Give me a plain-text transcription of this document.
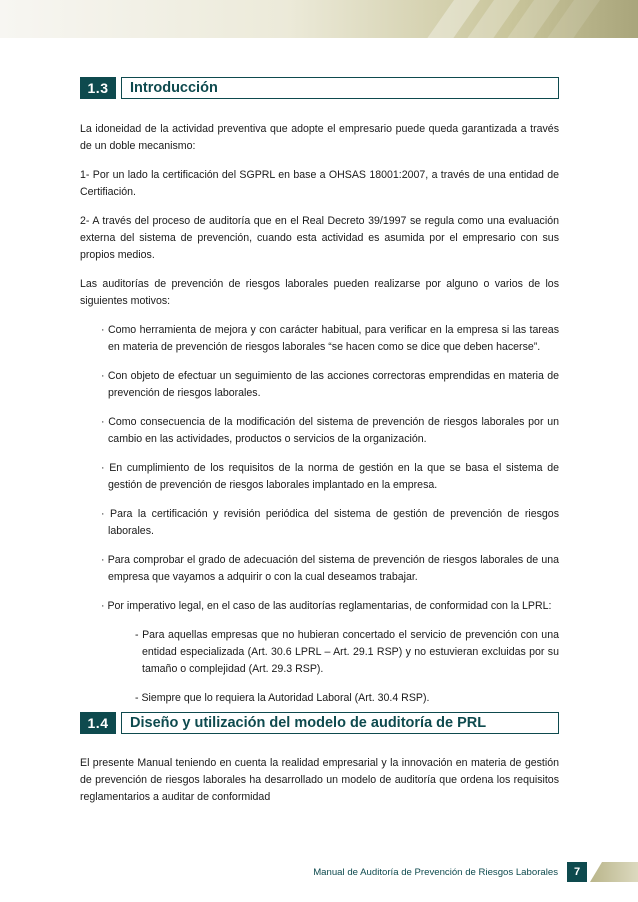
1.3	Introducción

La idoneidad de la actividad preventiva que adopte el empresario puede queda garantizada a través de un doble mecanismo:

1- Por un lado la certificación del SGPRL en base a OHSAS 18001:2007, a través de una entidad de Certifiación.

2- A través del proceso de auditoría que en el Real Decreto 39/1997 se regula como una evaluación externa del sistema de prevención, cuando esta actividad es asumida por el empresario con sus propios medios.

Las auditorías de prevención de riesgos laborales pueden realizarse por alguno o varios de los siguientes motivos:

· Como herramienta de mejora y con carácter habitual, para verificar en la empresa si las tareas en materia de prevención de riesgos laborales “se hacen como se dice que deben hacerse”.

· Con objeto de efectuar un seguimiento de las acciones correctoras emprendidas en materia de prevención de riesgos laborales.

· Como consecuencia de la modificación del sistema de prevención de riesgos laborales por un cambio en las actividades, productos o servicios de la organización.

· En cumplimiento de los requisitos de la norma de gestión en la que se basa el sistema de gestión de prevención de riesgos laborales implantado en la empresa.

· Para la certificación y revisión periódica del sistema de gestión de prevención de riesgos laborales.

· Para comprobar el grado de adecuación del sistema de prevención de riesgos laborales de una empresa que vayamos a adquirir o con la cual deseamos trabajar.

· Por imperativo legal, en el caso de las auditorías reglamentarias, de conformidad con la LPRL:

- Para aquellas empresas que no hubieran concertado el servicio de prevención con una entidad especializada (Art. 30.6 LPRL – Art. 29.1 RSP) y no estuvieran excluidas por su tamaño o complejidad (Art. 29.3 RSP).

- Siempre que lo requiera la Autoridad Laboral (Art. 30.4 RSP).

1.4	Diseño y utilización del modelo de auditoría de PRL

El presente Manual teniendo en cuenta la realidad empresarial y la innovación en materia de gestión de prevención de riesgos laborales ha desarrollado un modelo de auditoría que ordena los requisitos reglamentarios a auditar de conformidad

Manual de Auditoría de Prevención de Riesgos Laborales	7
